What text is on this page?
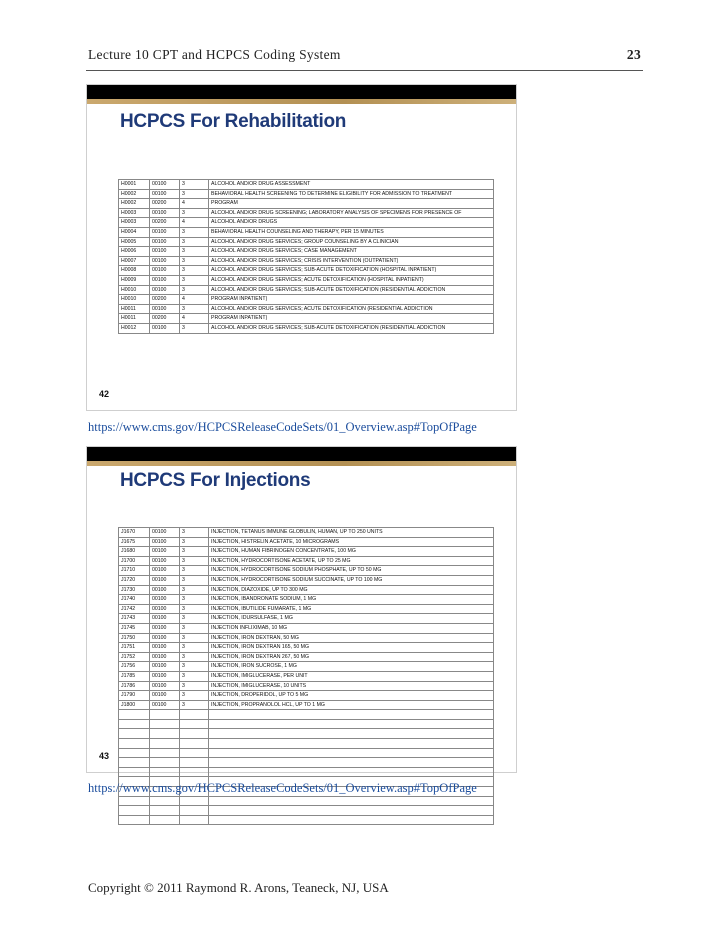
Lecture 10 CPT and HCPCS Coding System	23
HCPCS For Rehabilitation
H0001	00100	3	ALCOHOL AND/OR DRUG ASSESSMENT
H0002	00100	3	BEHAVIORAL HEALTH SCREENING TO DETERMINE ELIGIBILITY FOR ADMISSION TO TREATMENT
H0002	00200	4	PROGRAM
H0003	00100	3	ALCOHOL AND/OR DRUG SCREENING; LABORATORY ANALYSIS OF SPECIMENS FOR PRESENCE OF
H0003	00200	4	ALCOHOL AND/OR DRUGS
H0004	00100	3	BEHAVIORAL HEALTH COUNSELING AND THERAPY, PER 15 MINUTES
H0005	00100	3	ALCOHOL AND/OR DRUG SERVICES; GROUP COUNSELING BY A CLINICIAN
H0006	00100	3	ALCOHOL AND/OR DRUG SERVICES; CASE MANAGEMENT
H0007	00100	3	ALCOHOL AND/OR DRUG SERVICES; CRISIS INTERVENTION (OUTPATIENT)
H0008	00100	3	ALCOHOL AND/OR DRUG SERVICES; SUB-ACUTE DETOXIFICATION (HOSPITAL INPATIENT)
H0009	00100	3	ALCOHOL AND/OR DRUG SERVICES; ACUTE DETOXIFICATION (HOSPITAL INPATIENT)
H0010	00100	3	ALCOHOL AND/OR DRUG SERVICES; SUB-ACUTE DETOXIFICATION (RESIDENTIAL ADDICTION
H0010	00200	4	PROGRAM INPATIENT)
H0011	00100	3	ALCOHOL AND/OR DRUG SERVICES; ACUTE DETOXIFICATION (RESIDENTIAL ADDICTION
H0011	00200	4	PROGRAM INPATIENT)
H0012	00100	3	ALCOHOL AND/OR DRUG SERVICES; SUB-ACUTE DETOXIFICATION (RESIDENTIAL ADDICTION
42
https://www.cms.gov/HCPCSReleaseCodeSets/01_Overview.asp#TopOfPage
HCPCS For Injections
J1670	00100	3	INJECTION, TETANUS IMMUNE GLOBULIN, HUMAN, UP TO 250 UNITS
J1675	00100	3	INJECTION, HISTRELIN ACETATE, 10 MICROGRAMS
J1680	00100	3	INJECTION, HUMAN FIBRINOGEN CONCENTRATE, 100 MG
J1700	00100	3	INJECTION, HYDROCORTISONE ACETATE, UP TO 25 MG
J1710	00100	3	INJECTION, HYDROCORTISONE SODIUM PHOSPHATE, UP TO 50 MG
J1720	00100	3	INJECTION, HYDROCORTISONE SODIUM SUCCINATE, UP TO 100 MG
J1730	00100	3	INJECTION, DIAZOXIDE, UP TO 300 MG
J1740	00100	3	INJECTION, IBANDRONATE SODIUM, 1 MG
J1742	00100	3	INJECTION, IBUTILIDE FUMARATE, 1 MG
J1743	00100	3	INJECTION, IDURSULFASE, 1 MG
J1745	00100	3	INJECTION INFLIXIMAB, 10 MG
J1750	00100	3	INJECTION, IRON DEXTRAN, 50 MG
J1751	00100	3	INJECTION, IRON DEXTRAN 165, 50 MG
J1752	00100	3	INJECTION, IRON DEXTRAN 267, 50 MG
J1756	00100	3	INJECTION, IRON SUCROSE, 1 MG
J1785	00100	3	INJECTION, IMIGLUCERASE, PER UNIT
J1786	00100	3	INJECTION, IMIGLUCERASE, 10 UNITS
J1790	00100	3	INJECTION, DROPERIDOL, UP TO 5 MG
J1800	00100	3	INJECTION, PROPRANOLOL HCL, UP TO 1 MG

43
https://www.cms.gov/HCPCSReleaseCodeSets/01_Overview.asp#TopOfPage
Copyright © 2011 Raymond R. Arons, Teaneck, NJ, USA
